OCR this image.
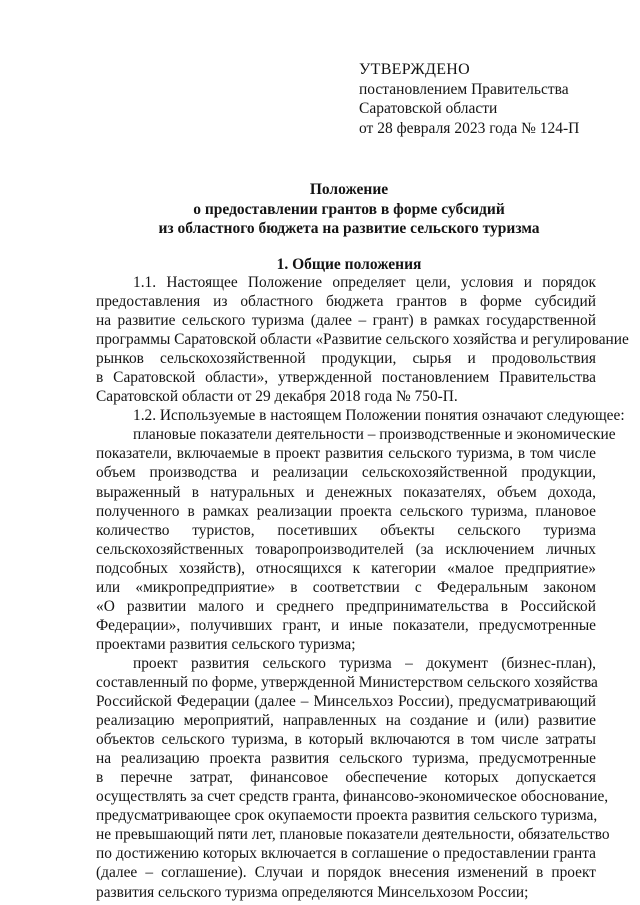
УТВЕРЖДЕНО
постановлением Правительства
Саратовской области
от 28 февраля 2023 года № 124-П
Положение
о предоставлении грантов в форме субсидий
из областного бюджета на развитие сельского туризма
1. Общие положения
1.1. Настоящее Положение определяет цели, условия и порядок
предоставления из областного бюджета грантов в форме субсидий
на развитие сельского туризма (далее – грант) в рамках государственной
программы Саратовской области «Развитие сельского хозяйства и регулирование
рынков сельскохозяйственной продукции, сырья и продовольствия
в Саратовской области», утвержденной постановлением Правительства
Саратовской области от 29 декабря 2018 года № 750-П.
1.2. Используемые в настоящем Положении понятия означают следующее:
плановые показатели деятельности – производственные и экономические
показатели, включаемые в проект развития сельского туризма, в том числе
объем производства и реализации сельскохозяйственной продукции,
выраженный в натуральных и денежных показателях, объем дохода,
полученного в рамках реализации проекта сельского туризма, плановое
количество туристов, посетивших объекты сельского туризма
сельскохозяйственных товаропроизводителей (за исключением личных
подсобных хозяйств), относящихся к категории «малое предприятие»
или «микропредприятие» в соответствии с Федеральным законом
«О развитии малого и среднего предпринимательства в Российской
Федерации», получивших грант, и иные показатели, предусмотренные
проектами развития сельского туризма;
проект развития сельского туризма – документ (бизнес-план),
составленный по форме, утвержденной Министерством сельского хозяйства
Российской Федерации (далее – Минсельхоз России), предусматривающий
реализацию мероприятий, направленных на создание и (или) развитие
объектов сельского туризма, в который включаются в том числе затраты
на реализацию проекта развития сельского туризма, предусмотренные
в перечне затрат, финансовое обеспечение которых допускается
осуществлять за счет средств гранта, финансово-экономическое обоснование,
предусматривающее срок окупаемости проекта развития сельского туризма,
не превышающий пяти лет, плановые показатели деятельности, обязательство
по достижению которых включается в соглашение о предоставлении гранта
(далее – соглашение). Случаи и порядок внесения изменений в проект
развития сельского туризма определяются Минсельхозом России;
